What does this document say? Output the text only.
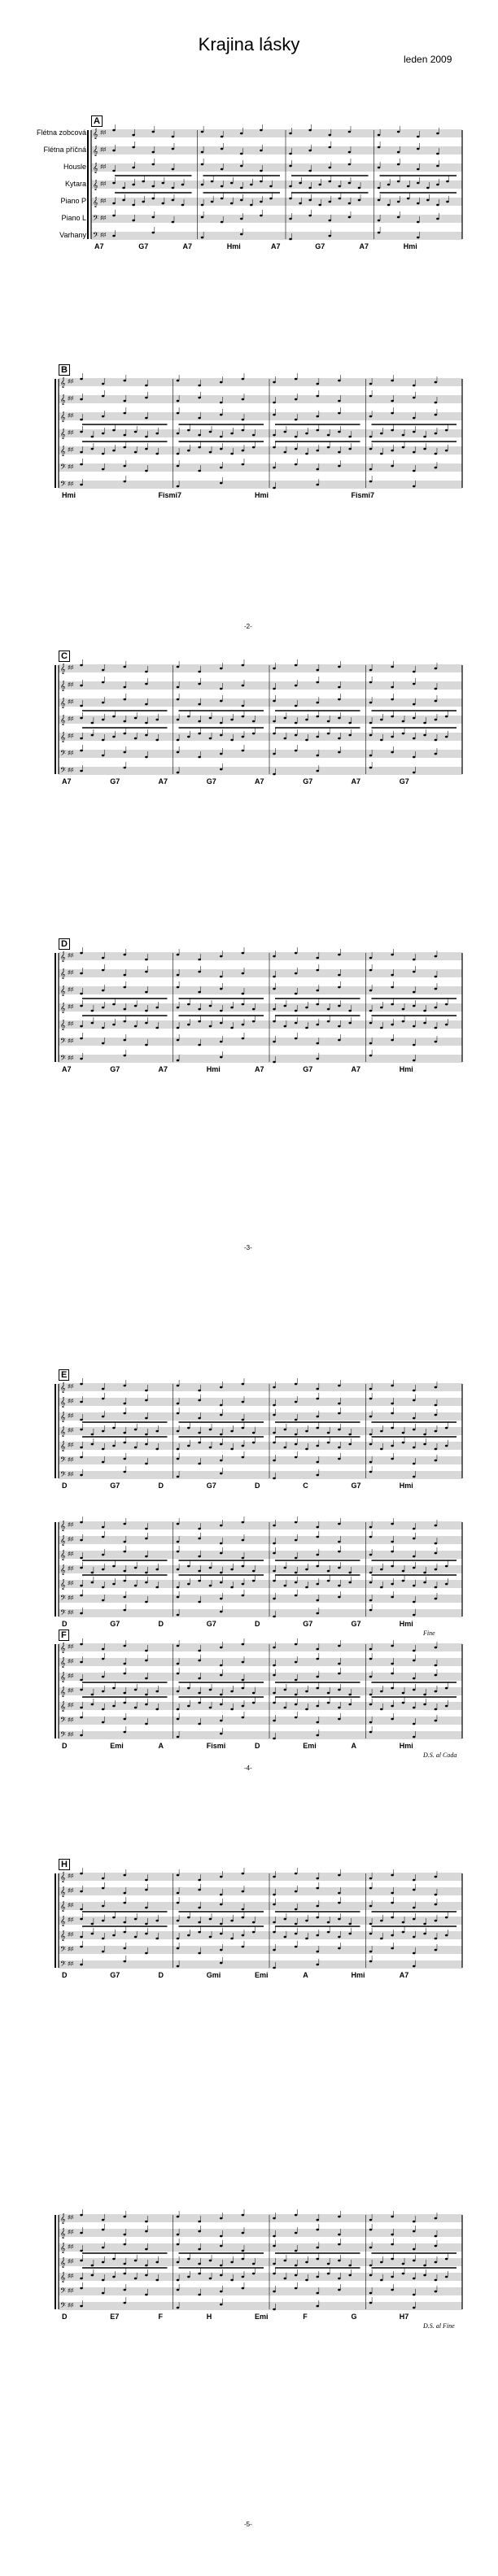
Krajina lásky
leden 2009
𝄞 ♯♯
𝄞 ♯♯
𝄞 ♯♯
𝄞 ♯♯
𝄞 ♯♯
𝄢 ♯♯
𝄢 ♯♯
𝄞 ♯♯
𝄞 ♯♯
𝄞 ♯♯
𝄞 ♯♯
𝄞 ♯♯
𝄢 ♯♯
𝄢 ♯♯
𝄞 ♯♯
𝄞 ♯♯
𝄞 ♯♯
𝄞 ♯♯
𝄞 ♯♯
𝄢 ♯♯
𝄢 ♯♯
𝄞 ♯♯
𝄞 ♯♯
𝄞 ♯♯
𝄞 ♯♯
𝄞 ♯♯
𝄢 ♯♯
𝄢 ♯♯
𝄞 ♯♯
𝄞 ♯♯
𝄞 ♯♯
𝄞 ♯♯
𝄞 ♯♯
𝄢 ♯♯
𝄢 ♯♯
𝄞 ♯♯
𝄞 ♯♯
𝄞 ♯♯
𝄞 ♯♯
𝄞 ♯♯
𝄢 ♯♯
𝄢 ♯♯
𝄞 ♯♯
𝄞 ♯♯
𝄞 ♯♯
𝄞 ♯♯
𝄞 ♯♯
𝄢 ♯♯
𝄢 ♯♯
𝄞 ♯♯
𝄞 ♯♯
𝄞 ♯♯
𝄞 ♯♯
𝄞 ♯♯
𝄢 ♯♯
𝄢 ♯♯
𝄞 ♯♯
𝄞 ♯♯
𝄞 ♯♯
𝄞 ♯♯
𝄞 ♯♯
𝄢 ♯♯
𝄢 ♯♯
A
Flétna zobcová
Flétna příčná
Housle
Kytara
Piano P
Piano L
Varhany
A7	G7	A7	Hmi	A7	G7	A7	Hmi
B
Hmi	Fismi7	Hmi	Fismi7
-2-
C
A7	G7	A7	G7	A7	G7	A7	G7
D
A7	G7	A7	Hmi	A7	G7	A7	Hmi
-3-
E
D	G7	D	G7	D	C	G7	Hmi
D	G7	D	G7	D	G7	G7	Hmi
Fine
F
D	Emi	A	Fismi	D	Emi	A	Hmi
D.S. al Coda
-4-
H
D	G7	D	Gmi	Emi	A	Hmi	A7
D	E7	F	H	Emi	F	G	H7
D.S. al Fine
-5-
